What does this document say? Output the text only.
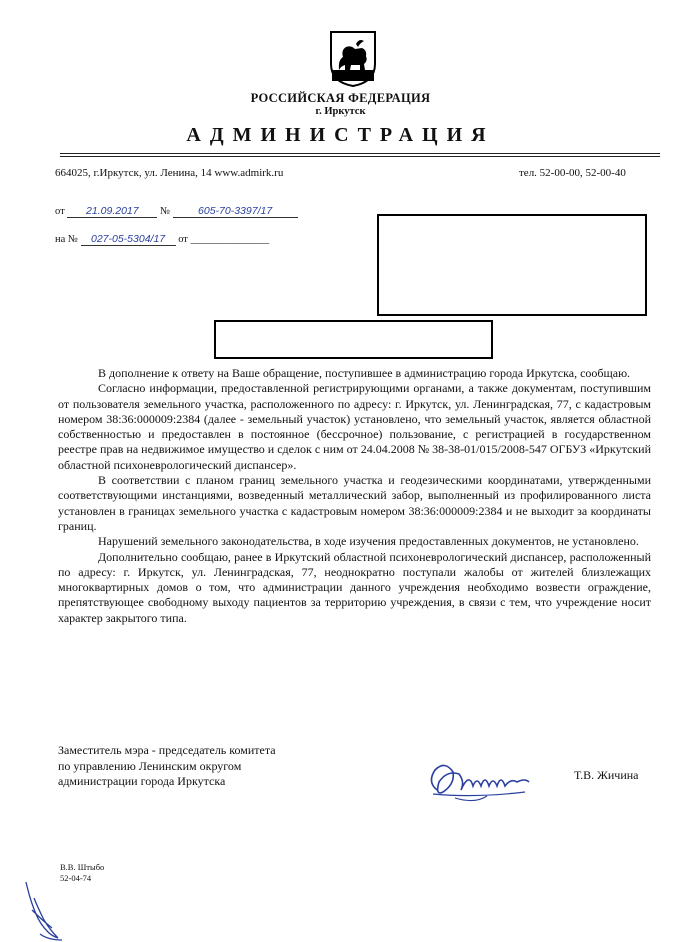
РОССИЙСКАЯ ФЕДЕРАЦИЯ
г. Иркутск
АДМИНИСТРАЦИЯ
664025, г.Иркутск, ул. Ленина, 14 www.admirk.ru	тел. 52-00-00, 52-00-40
от 21.09.2017 №	605-70-3397/17
на № 027-05-5304/17 от _______________

В дополнение к ответу на Ваше обращение, поступившее в администрацию города Иркутска, сообщаю.

Согласно информации, предоставленной регистрирующими органами, а также документам, поступившим от пользователя земельного участка, расположенного по адресу: г. Иркутск, ул. Ленинградская, 77, с кадастровым номером 38:36:000009:2384 (далее - земельный участок) установлено, что земельный участок, является областной собственностью и предоставлен в постоянное (бессрочное) пользование, с регистрацией в государственном реестре прав на недвижимое имущество и сделок с ним от 24.04.2008 № 38-38-01/015/2008-547 ОГБУЗ «Иркутский областной психоневрологический диспансер».

В соответствии с планом границ земельного участка и геодезическими координатами, утвержденными соответствующими инстанциями, возведенный металлический забор, выполненный из профилированного листа установлен в границах земельного участка с кадастровым номером 38:36:000009:2384 и не выходит за координаты границ.

Нарушений земельного законодательства, в ходе изучения предоставленных документов, не установлено.

Дополнительно сообщаю, ранее в Иркутский областной психоневрологический диспансер, расположенный по адресу: г. Иркутск, ул. Ленинградская, 77, неоднократно поступали жалобы от жителей близлежащих многоквартирных домов о том, что администрации данного учреждения необходимо возвести ограждение, препятствующее свободному выходу пациентов за территорию учреждения, в связи с тем, что учреждение носит характер закрытого типа.

Заместитель мэра - председатель комитета
по управлению Ленинским округом
администрации города Иркутска	Т.В. Жичина
В.В. Штыбо
52-04-74
